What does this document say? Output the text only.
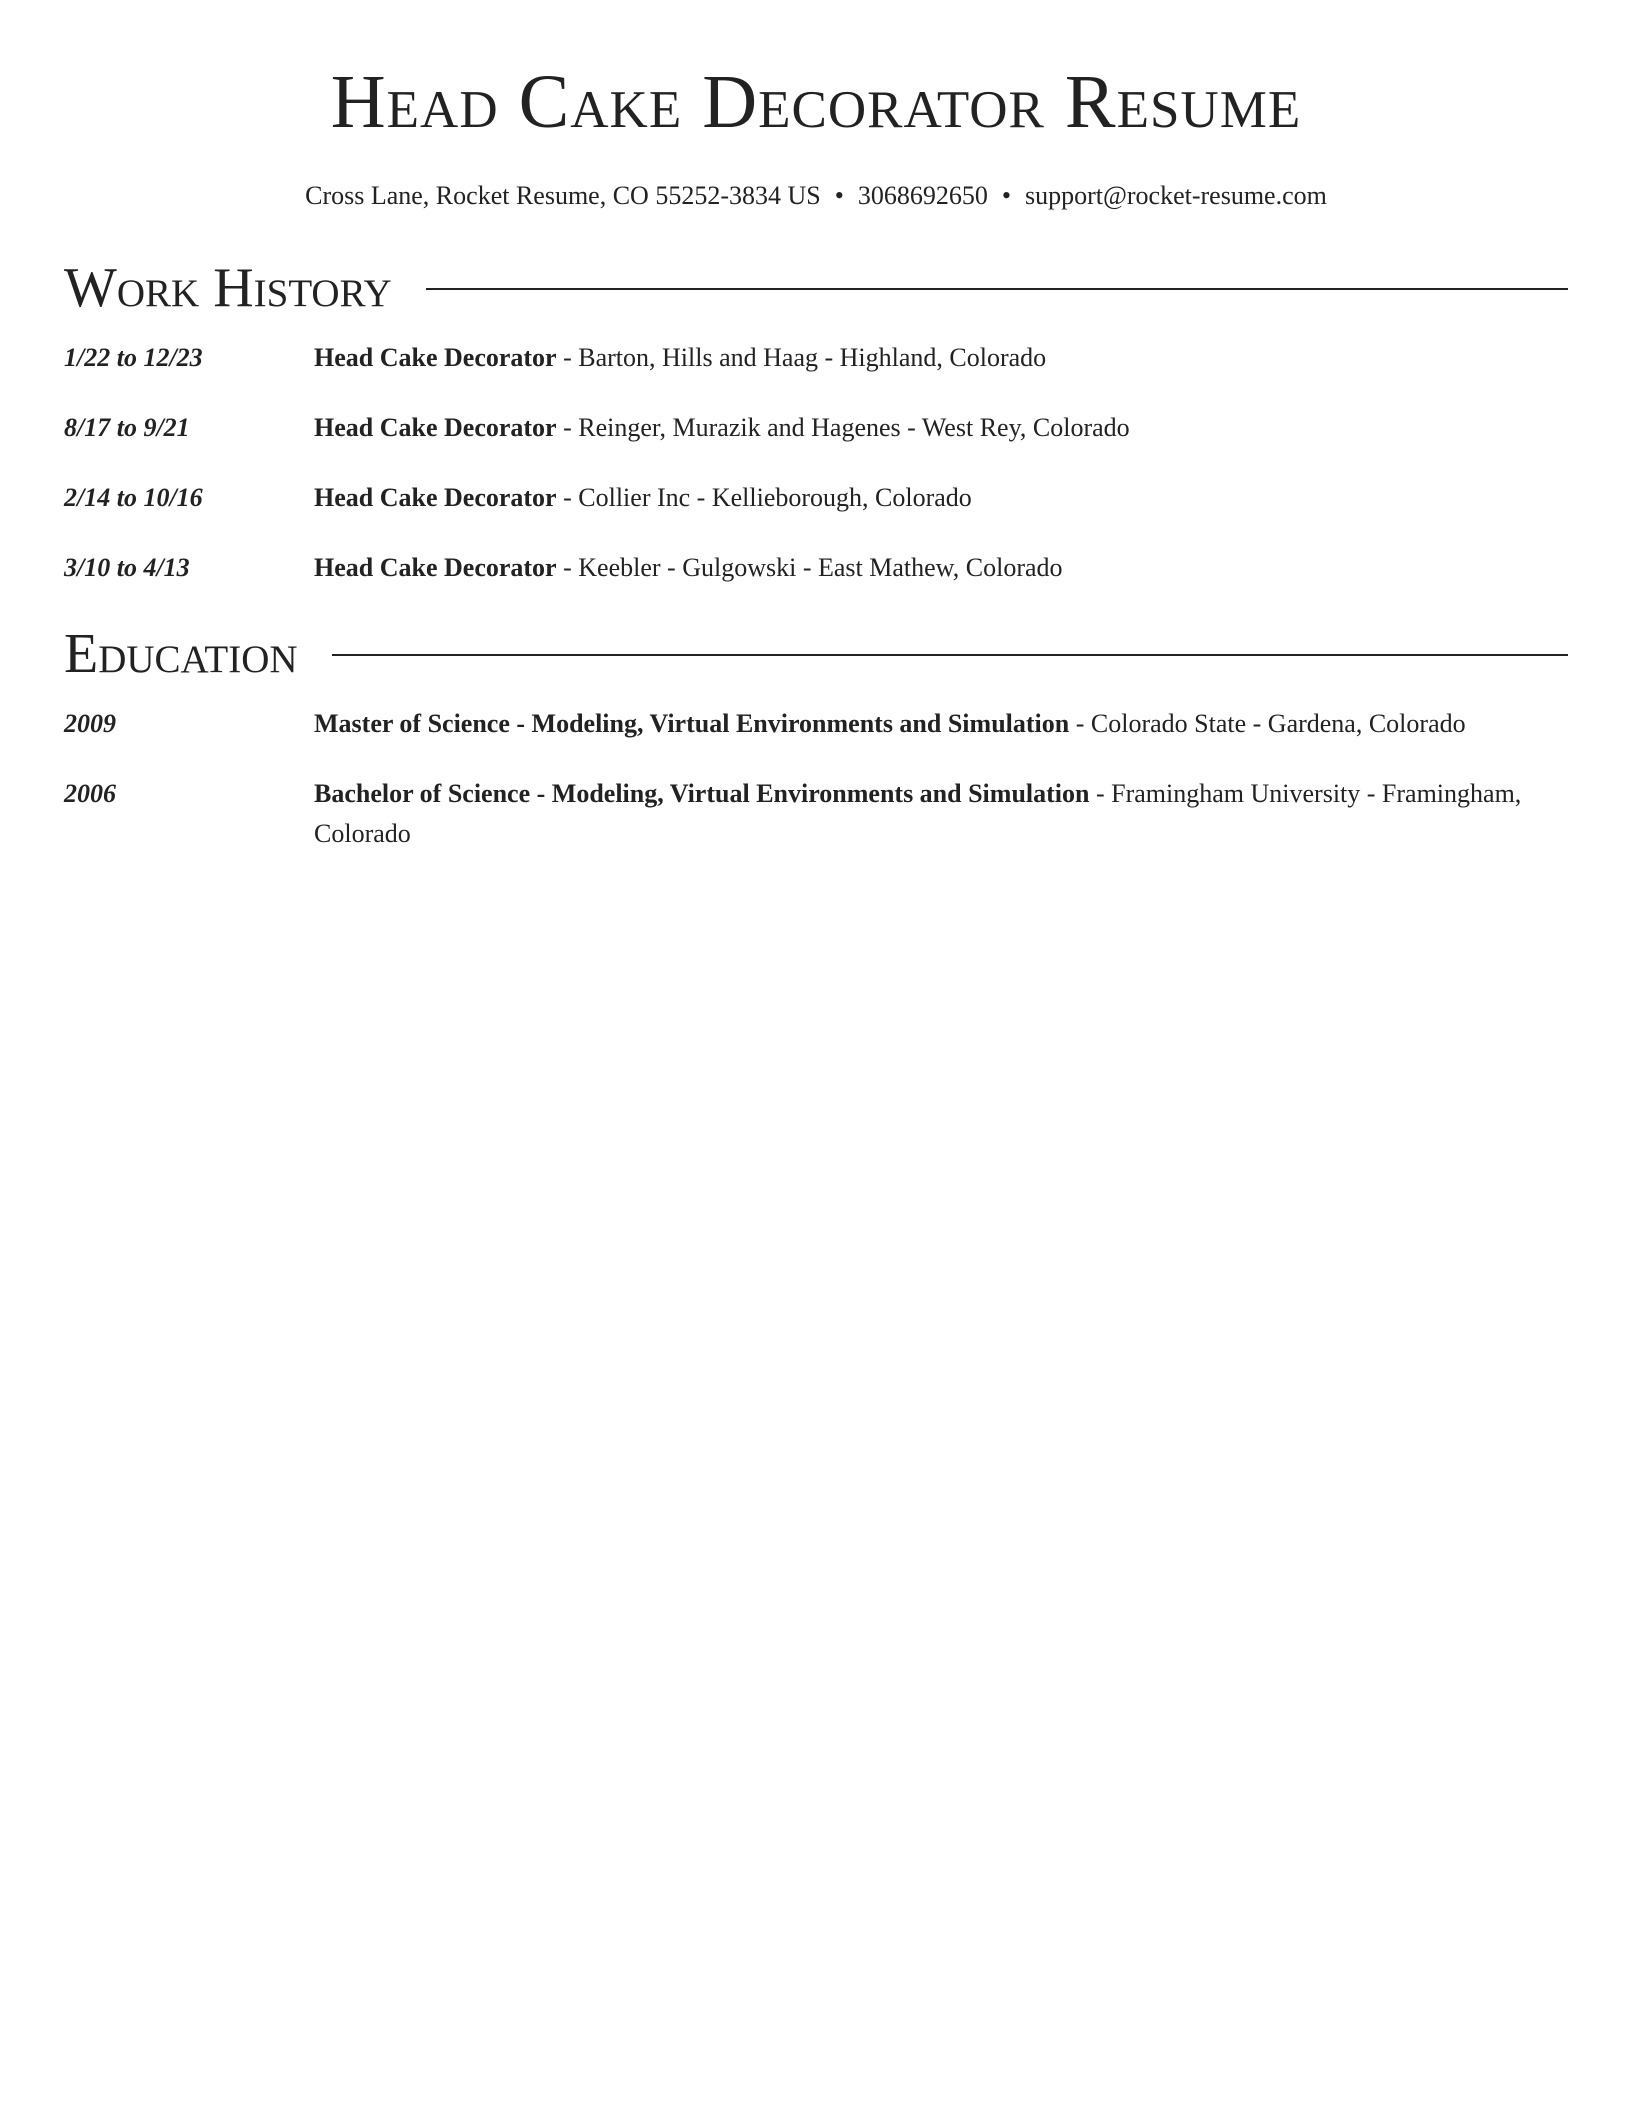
Head Cake Decorator Resume
Cross Lane, Rocket Resume, CO 55252-3834 US • 3068692650 • support@rocket-resume.com
Work History
1/22 to 12/23	Head Cake Decorator - Barton, Hills and Haag - Highland, Colorado
8/17 to 9/21	Head Cake Decorator - Reinger, Murazik and Hagenes - West Rey, Colorado
2/14 to 10/16	Head Cake Decorator - Collier Inc - Kellieborough, Colorado
3/10 to 4/13	Head Cake Decorator - Keebler - Gulgowski - East Mathew, Colorado
Education
2009	Master of Science - Modeling, Virtual Environments and Simulation - Colorado State - Gardena, Colorado
2006	Bachelor of Science - Modeling, Virtual Environments and Simulation - Framingham University - Framingham, Colorado
